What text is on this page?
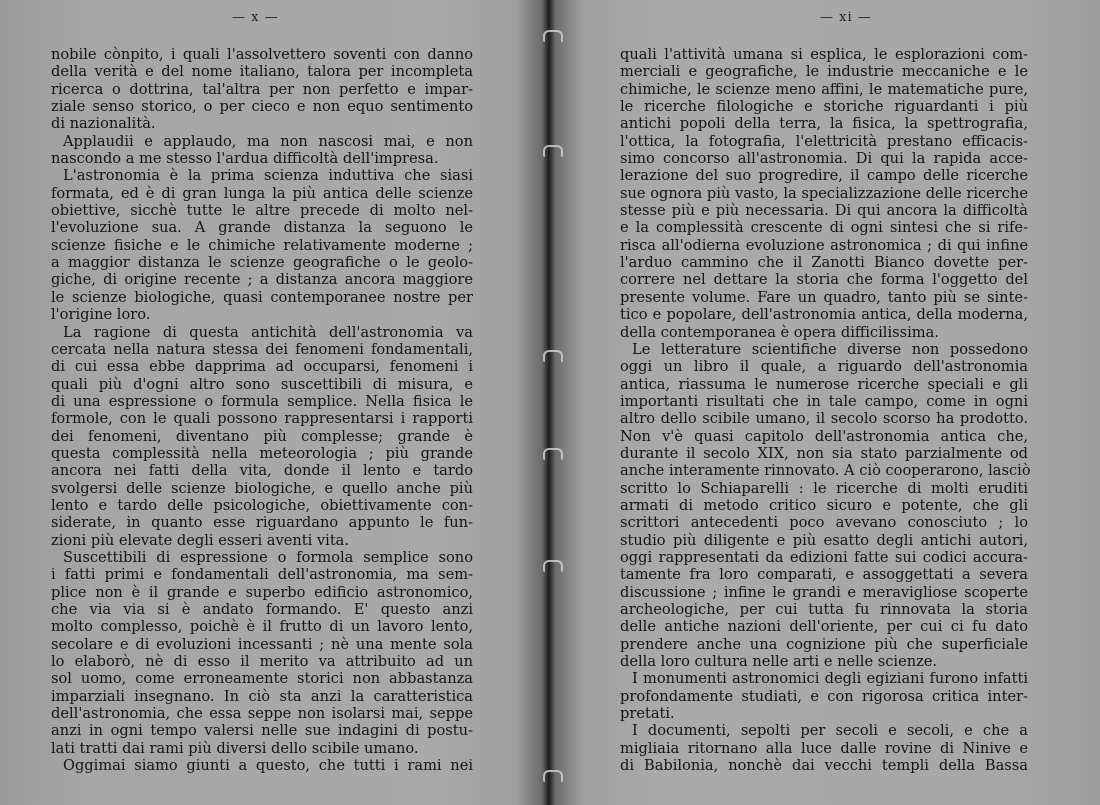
— x —
nobile cònpito, i quali l'assolvettero soventi con danno
della verità e del nome italiano, talora per incompleta
ricerca o dottrina, tal'altra per non perfetto e impar-
ziale senso storico, o per cieco e non equo sentimento
di nazionalità.
Applaudii e applaudo, ma non nascosi mai, e non
nascondo a me stesso l'ardua difficoltà dell'impresa.
L'astronomia è la prima scienza induttiva che siasi
formata, ed è di gran lunga la più antica delle scienze
obiettive, sicchè tutte le altre precede di molto nel-
l'evoluzione sua. A grande distanza la seguono le
scienze fisiche e le chimiche relativamente moderne ;
a maggior distanza le scienze geografiche o le geolo-
giche, di origine recente ; a distanza ancora maggiore
le scienze biologiche, quasi contemporanee nostre per
l'origine loro.
La ragione di questa antichità dell'astronomia va
cercata nella natura stessa dei fenomeni fondamentali,
di cui essa ebbe dapprima ad occuparsi, fenomeni i
quali più d'ogni altro sono suscettibili di misura, e
di una espressione o formula semplice. Nella fisica le
formole, con le quali possono rappresentarsi i rapporti
dei fenomeni, diventano più complesse; grande è
questa complessità nella meteorologia ; più grande
ancora nei fatti della vita, donde il lento e tardo
svolgersi delle scienze biologiche, e quello anche più
lento e tardo delle psicologiche, obiettivamente con-
siderate, in quanto esse riguardano appunto le fun-
zioni più elevate degli esseri aventi vita.
Suscettibili di espressione o formola semplice sono
i fatti primi e fondamentali dell'astronomia, ma sem-
plice non è il grande e superbo edificio astronomico,
che via via si è andato formando. E' questo anzi
molto complesso, poichè è il frutto di un lavoro lento,
secolare e di evoluzioni incessanti ; nè una mente sola
lo elaborò, nè di esso il merito va attribuito ad un
sol uomo, come erroneamente storici non abbastanza
imparziali insegnano. In ciò sta anzi la caratteristica
dell'astronomia, che essa seppe non isolarsi mai, seppe
anzi in ogni tempo valersi nelle sue indagini di postu-
lati tratti dai rami più diversi dello scibile umano.
Oggimai siamo giunti a questo, che tutti i rami nei
— xi —
quali l'attività umana si esplica, le esplorazioni com-
merciali e geografiche, le industrie meccaniche e le
chimiche, le scienze meno affini, le matematiche pure,
le ricerche filologiche e storiche riguardanti i più
antichi popoli della terra, la fisica, la spettrografia,
l'ottica, la fotografia, l'elettricità prestano efficacis-
simo concorso all'astronomia. Di qui la rapida acce-
lerazione del suo progredire, il campo delle ricerche
sue ognora più vasto, la specializzazione delle ricerche
stesse più e più necessaria. Di qui ancora la difficoltà
e la complessità crescente di ogni sintesi che si rife-
risca all'odierna evoluzione astronomica ; di qui infine
l'arduo cammino che il Zanotti Bianco dovette per-
correre nel dettare la storia che forma l'oggetto del
presente volume. Fare un quadro, tanto più se sinte-
tico e popolare, dell'astronomia antica, della moderna,
della contemporanea è opera difficilissima.
Le letterature scientifiche diverse non possedono
oggi un libro il quale, a riguardo dell'astronomia
antica, riassuma le numerose ricerche speciali e gli
importanti risultati che in tale campo, come in ogni
altro dello scibile umano, il secolo scorso ha prodotto.
Non v'è quasi capitolo dell'astronomia antica che,
durante il secolo XIX, non sia stato parzialmente od
anche interamente rinnovato. A ciò cooperarono, lasciò
scritto lo Schiaparelli : le ricerche di molti eruditi
armati di metodo critico sicuro e potente, che gli
scrittori antecedenti poco avevano conosciuto ; lo
studio più diligente e più esatto degli antichi autori,
oggi rappresentati da edizioni fatte sui codici accura-
tamente fra loro comparati, e assoggettati a severa
discussione ; infine le grandi e meravigliose scoperte
archeologiche, per cui tutta fu rinnovata la storia
delle antiche nazioni dell'oriente, per cui ci fu dato
prendere anche una cognizione più che superficiale
della loro cultura nelle arti e nelle scienze.
I monumenti astronomici degli egiziani furono infatti
profondamente studiati, e con rigorosa critica inter-
pretati.
I documenti, sepolti per secoli e secoli, e che a
migliaia ritornano alla luce dalle rovine di Ninive e
di Babilonia, nonchè dai vecchi templi della Bassa
